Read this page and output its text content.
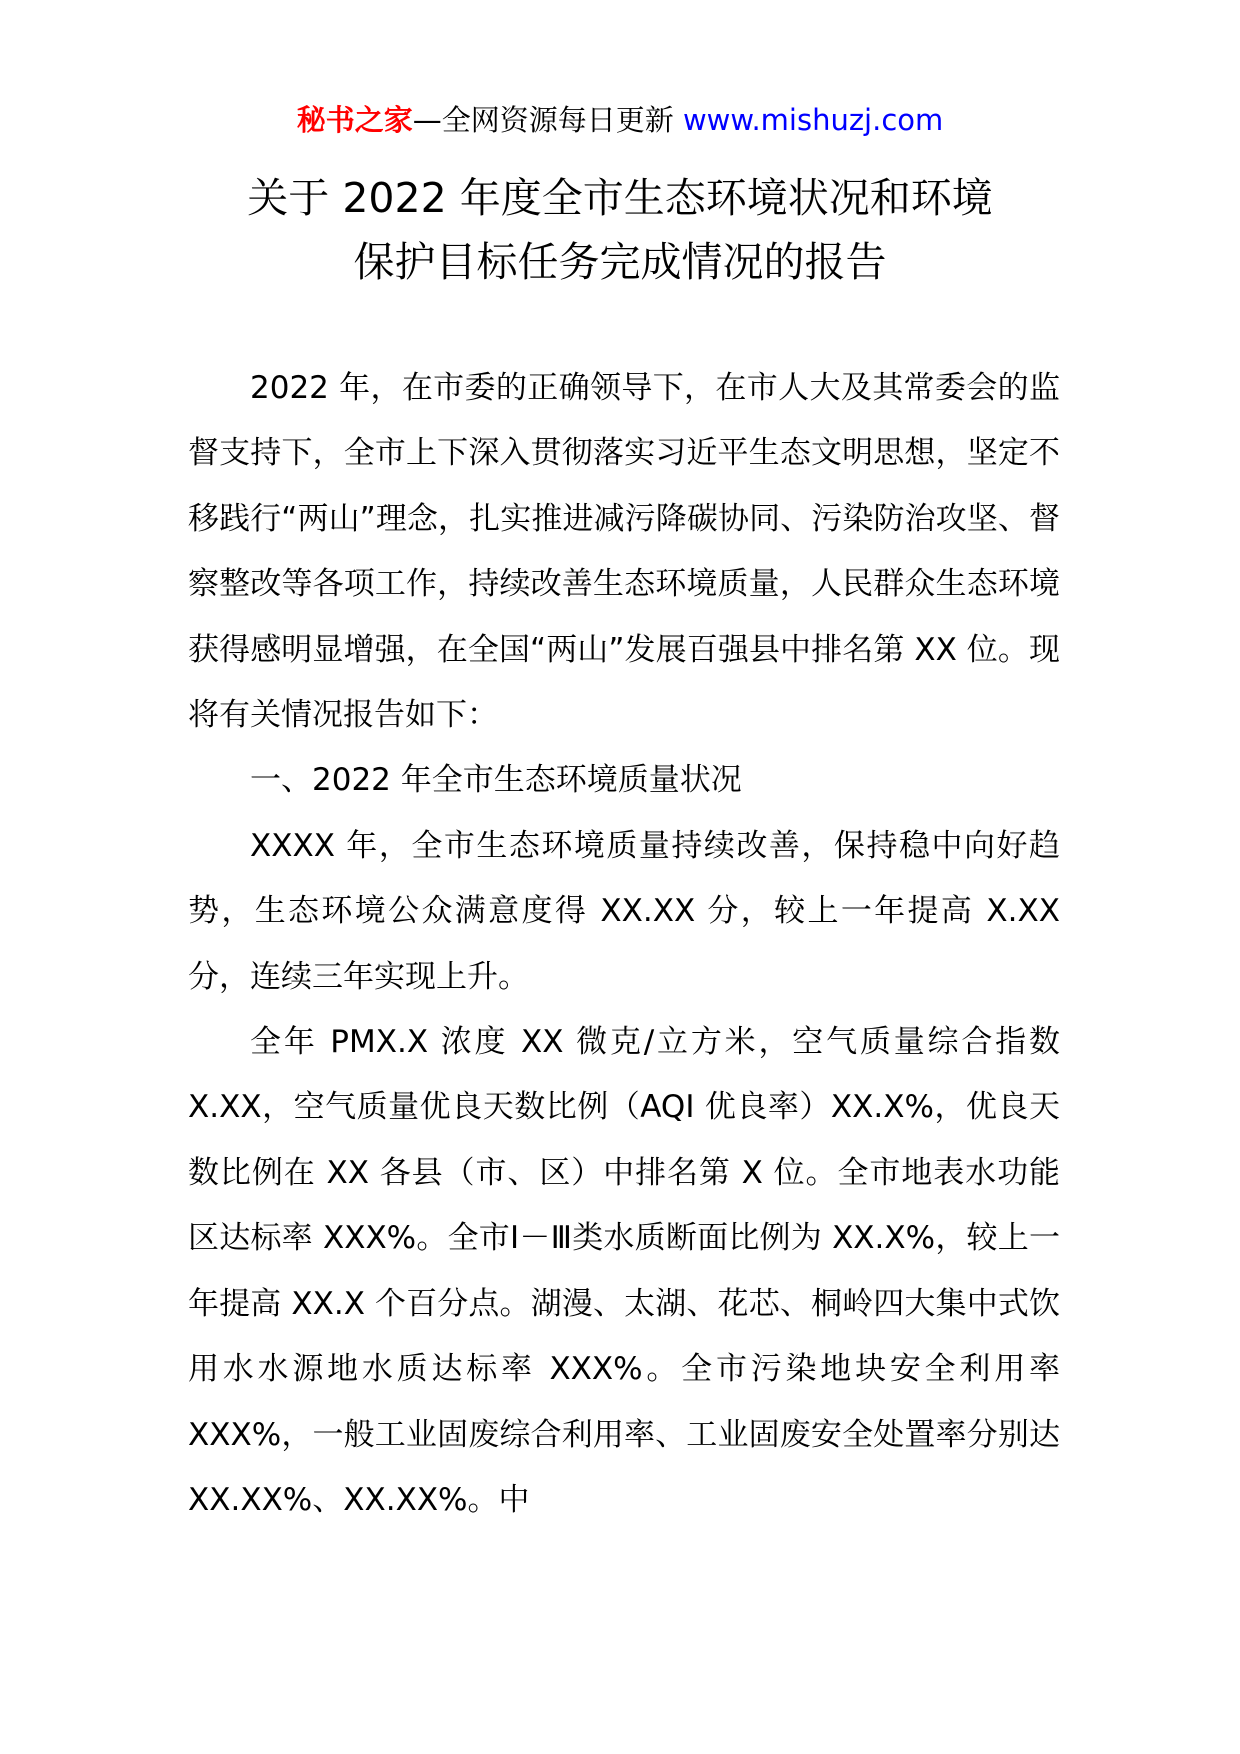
秘书之家—全网资源每日更新 www.mishuzj.com
关于 2022 年度全市生态环境状况和环境
保护目标任务完成情况的报告

2022 年，在市委的正确领导下，在市人大及其常委会的监督支持下，全市上下深入贯彻落实习近平生态文明思想，坚定不移践行“两山”理念，扎实推进减污降碳协同、污染防治攻坚、督察整改等各项工作，持续改善生态环境质量，人民群众生态环境获得感明显增强，在全国“两山”发展百强县中排名第 XX 位。现将有关情况报告如下：

一、2022 年全市生态环境质量状况

XXXX 年，全市生态环境质量持续改善，保持稳中向好趋势，生态环境公众满意度得 XX.XX 分，较上一年提高 X.XX 分，连续三年实现上升。

全年 PMX.X 浓度 XX 微克/立方米，空气质量综合指数 X.XX，空气质量优良天数比例（AQI 优良率）XX.X%，优良天数比例在 XX 各县（市、区）中排名第 X 位。全市地表水功能区达标率 XXX%。全市Ⅰ－Ⅲ类水质断面比例为 XX.X%，较上一年提高 XX.X 个百分点。湖漫、太湖、花芯、桐岭四大集中式饮用水水源地水质达标率 XXX%。全市污染地块安全利用率 XXX%，一般工业固废综合利用率、工业固废安全处置率分别达 XX.XX%、XX.XX%。中
